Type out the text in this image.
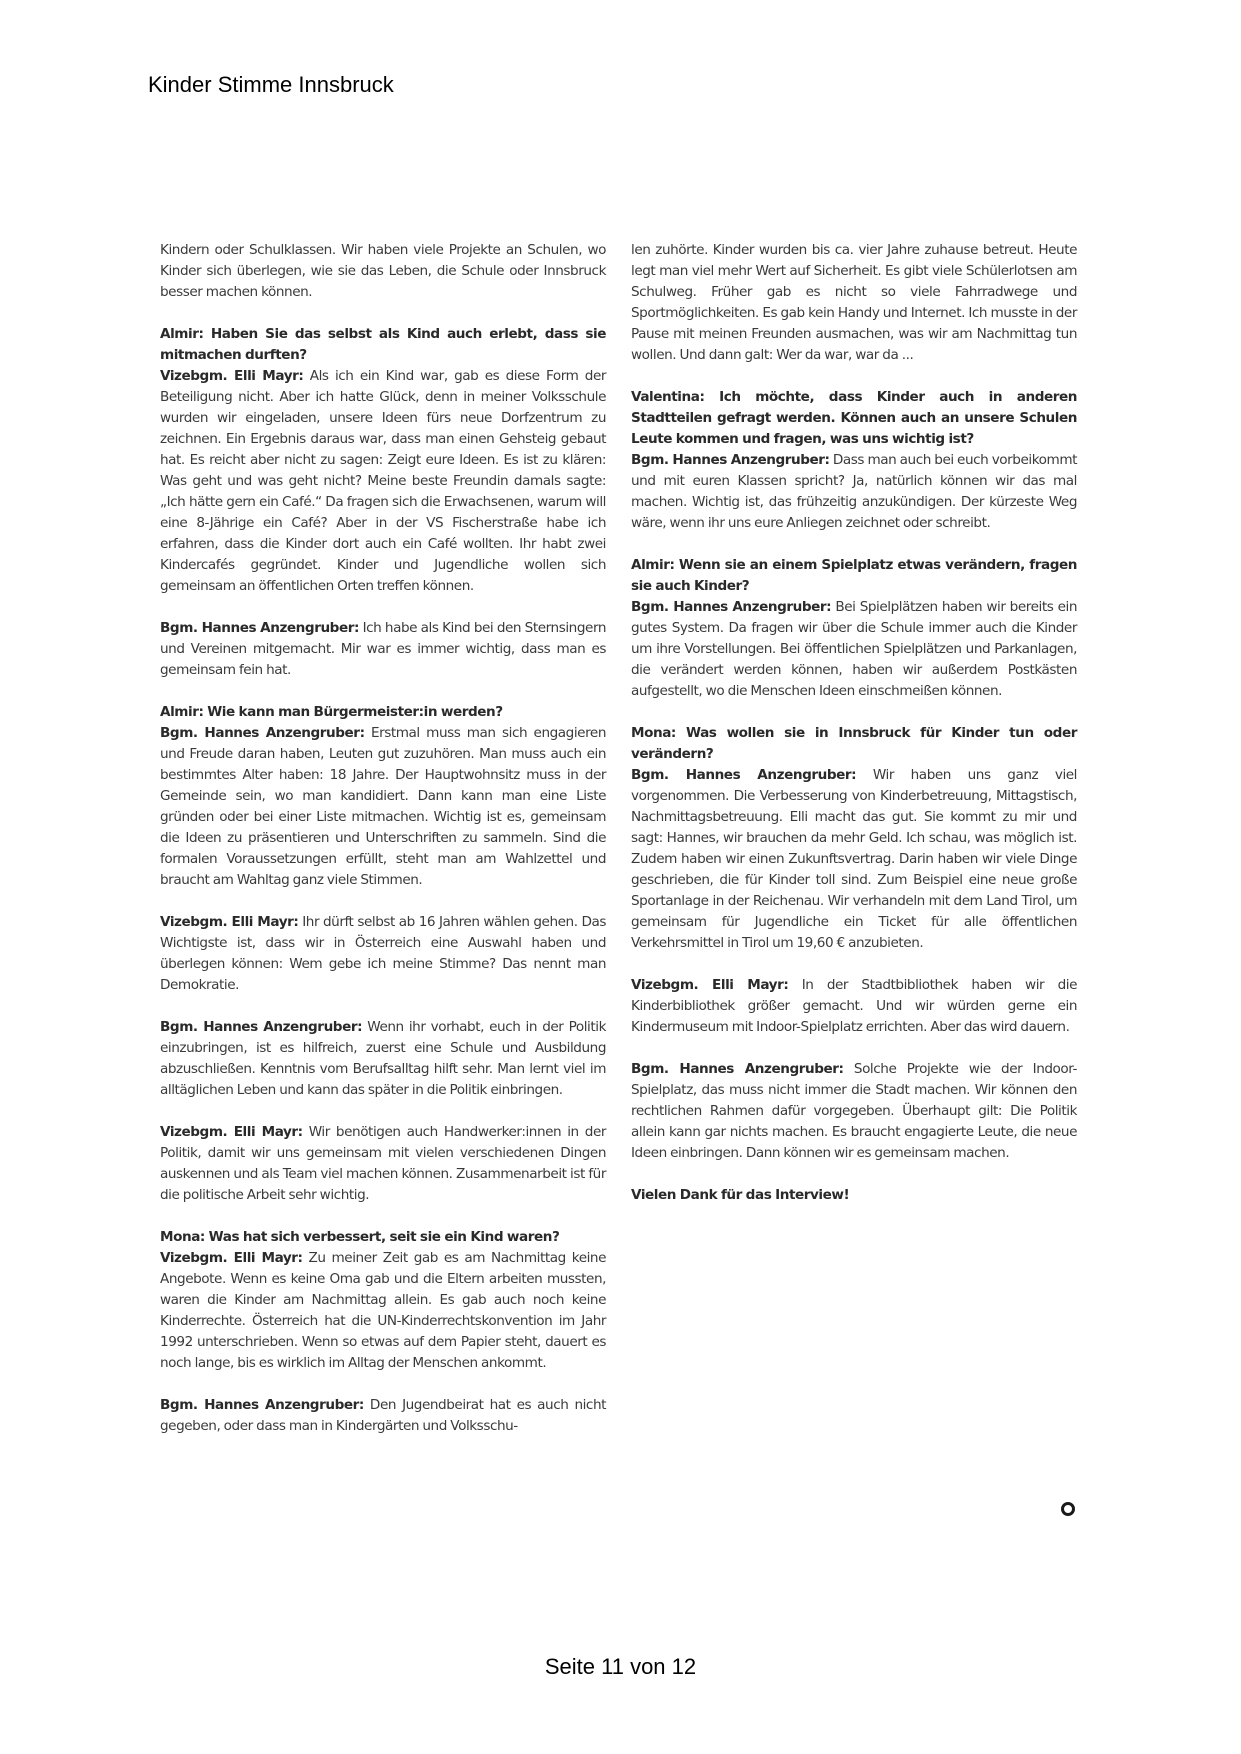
Kinder Stimme Innsbruck

Kindern oder Schulklassen. Wir haben viele Projekte an Schulen, wo Kinder sich überlegen, wie sie das Leben, die Schule oder Innsbruck besser machen können.

Almir: Haben Sie das selbst als Kind auch erlebt, dass sie mitmachen durften?

Vizebgm. Elli Mayr: Als ich ein Kind war, gab es diese Form der Beteiligung nicht. Aber ich hatte Glück, denn in meiner Volksschule wurden wir eingeladen, unsere Ideen fürs neue Dorfzentrum zu zeichnen. Ein Ergebnis daraus war, dass man einen Gehsteig gebaut hat. Es reicht aber nicht zu sagen: Zeigt eure Ideen. Es ist zu klären: Was geht und was geht nicht? Meine beste Freundin damals sagte: „Ich hätte gern ein Café.“ Da fragen sich die Erwachsenen, warum will eine 8-Jährige ein Café? Aber in der VS Fischerstraße habe ich erfahren, dass die Kinder dort auch ein Café wollten. Ihr habt zwei Kindercafés gegründet. Kinder und Jugendliche wollen sich gemeinsam an öffentlichen Orten treffen können.

Bgm. Hannes Anzengruber: Ich habe als Kind bei den Sternsingern und Vereinen mitgemacht. Mir war es immer wichtig, dass man es gemeinsam fein hat.

Almir: Wie kann man Bürgermeister:in werden?

Bgm. Hannes Anzengruber: Erstmal muss man sich engagieren und Freude daran haben, Leuten gut zuzuhören. Man muss auch ein bestimmtes Alter haben: 18 Jahre. Der Hauptwohnsitz muss in der Gemeinde sein, wo man kandidiert. Dann kann man eine Liste gründen oder bei einer Liste mitmachen. Wichtig ist es, gemeinsam die Ideen zu präsentieren und Unterschriften zu sammeln. Sind die formalen Voraussetzungen erfüllt, steht man am Wahlzettel und braucht am Wahltag ganz viele Stimmen.

Vizebgm. Elli Mayr: Ihr dürft selbst ab 16 Jahren wählen gehen. Das Wichtigste ist, dass wir in Österreich eine Auswahl haben und überlegen können: Wem gebe ich meine Stimme? Das nennt man Demokratie.

Bgm. Hannes Anzengruber: Wenn ihr vorhabt, euch in der Politik einzubringen, ist es hilfreich, zuerst eine Schule und Ausbildung abzuschließen. Kenntnis vom Berufsalltag hilft sehr. Man lernt viel im alltäglichen Leben und kann das später in die Politik einbringen.

Vizebgm. Elli Mayr: Wir benötigen auch Handwerker:innen in der Politik, damit wir uns gemeinsam mit vielen verschiedenen Dingen auskennen und als Team viel machen können. Zusammenarbeit ist für die politische Arbeit sehr wichtig.

Mona: Was hat sich verbessert, seit sie ein Kind waren?

Vizebgm. Elli Mayr: Zu meiner Zeit gab es am Nachmittag keine Angebote. Wenn es keine Oma gab und die Eltern arbeiten mussten, waren die Kinder am Nachmittag allein. Es gab auch noch keine Kinderrechte. Österreich hat die UN-Kinderrechtskonvention im Jahr 1992 unterschrieben. Wenn so etwas auf dem Papier steht, dauert es noch lange, bis es wirklich im Alltag der Menschen ankommt.

Bgm. Hannes Anzengruber: Den Jugendbeirat hat es auch nicht gegeben, oder dass man in Kindergärten und Volksschu-

len zuhörte. Kinder wurden bis ca. vier Jahre zuhause betreut. Heute legt man viel mehr Wert auf Sicherheit. Es gibt viele Schülerlotsen am Schulweg. Früher gab es nicht so viele Fahrradwege und Sportmöglichkeiten. Es gab kein Handy und Internet. Ich musste in der Pause mit meinen Freunden ausmachen, was wir am Nachmittag tun wollen. Und dann galt: Wer da war, war da ...

Valentina: Ich möchte, dass Kinder auch in anderen Stadtteilen gefragt werden. Können auch an unsere Schulen Leute kommen und fragen, was uns wichtig ist?

Bgm. Hannes Anzengruber: Dass man auch bei euch vorbeikommt und mit euren Klassen spricht? Ja, natürlich können wir das mal machen. Wichtig ist, das frühzeitig anzukündigen. Der kürzeste Weg wäre, wenn ihr uns eure Anliegen zeichnet oder schreibt.

Almir: Wenn sie an einem Spielplatz etwas verändern, fragen sie auch Kinder?

Bgm. Hannes Anzengruber: Bei Spielplätzen haben wir bereits ein gutes System. Da fragen wir über die Schule immer auch die Kinder um ihre Vorstellungen. Bei öffentlichen Spielplätzen und Parkanlagen, die verändert werden können, haben wir außerdem Postkästen aufgestellt, wo die Menschen Ideen einschmeißen können.

Mona: Was wollen sie in Innsbruck für Kinder tun oder verändern?

Bgm. Hannes Anzengruber: Wir haben uns ganz viel vorgenommen. Die Verbesserung von Kinderbetreuung, Mittagstisch, Nachmittagsbetreuung. Elli macht das gut. Sie kommt zu mir und sagt: Hannes, wir brauchen da mehr Geld. Ich schau, was möglich ist. Zudem haben wir einen Zukunftsvertrag. Darin haben wir viele Dinge geschrieben, die für Kinder toll sind. Zum Beispiel eine neue große Sportanlage in der Reichenau. Wir verhandeln mit dem Land Tirol, um gemeinsam für Jugendliche ein Ticket für alle öffentlichen Verkehrsmittel in Tirol um 19,60 € anzubieten.

Vizebgm. Elli Mayr: In der Stadtbibliothek haben wir die Kinderbibliothek größer gemacht. Und wir würden gerne ein Kindermuseum mit Indoor-Spielplatz errichten. Aber das wird dauern.

Bgm. Hannes Anzengruber: Solche Projekte wie der Indoor-Spielplatz, das muss nicht immer die Stadt machen. Wir können den rechtlichen Rahmen dafür vorgegeben. Überhaupt gilt: Die Politik allein kann gar nichts machen. Es braucht engagierte Leute, die neue Ideen einbringen. Dann können wir es gemeinsam machen.

Vielen Dank für das Interview!

Seite 11 von 12
